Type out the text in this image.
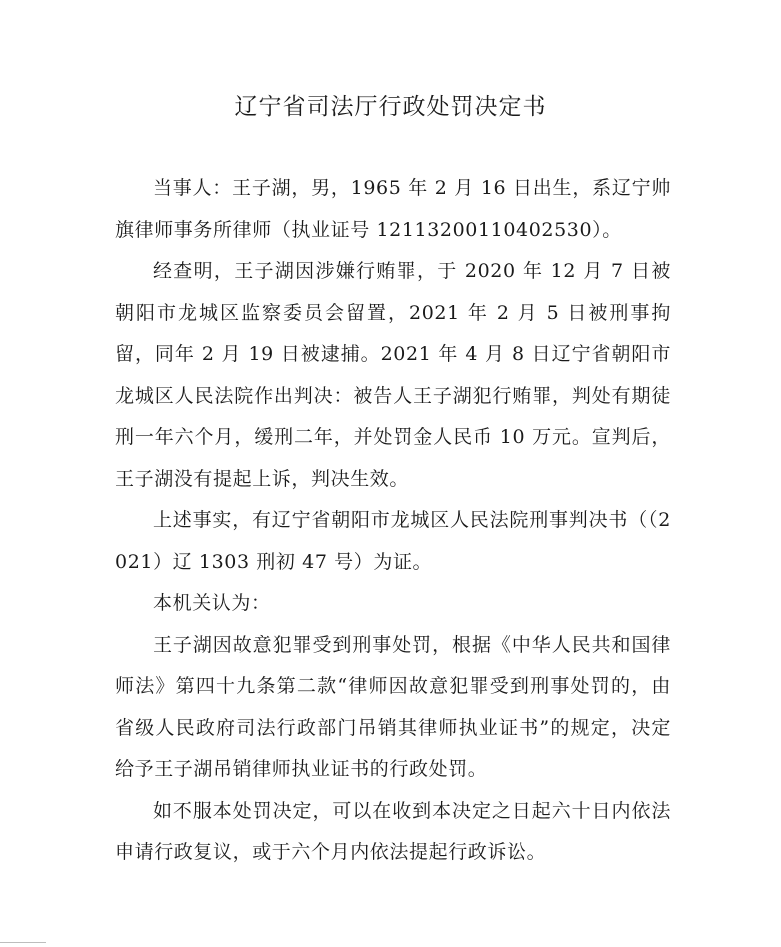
辽宁省司法厅行政处罚决定书

当事人：王子湖，男，1965 年 2 月 16 日出生，系辽宁帅旗律师事务所律师（执业证号 12113200110402530）。

经查明，王子湖因涉嫌行贿罪，于 2020 年 12 月 7 日被朝阳市龙城区监察委员会留置，2021 年 2 月 5 日被刑事拘留，同年 2 月 19 日被逮捕。2021 年 4 月 8 日辽宁省朝阳市龙城区人民法院作出判决：被告人王子湖犯行贿罪，判处有期徒刑一年六个月，缓刑二年，并处罚金人民币 10 万元。宣判后，王子湖没有提起上诉，判决生效。

上述事实，有辽宁省朝阳市龙城区人民法院刑事判决书（（2021）辽 1303 刑初 47 号）为证。

本机关认为：

王子湖因故意犯罪受到刑事处罚，根据《中华人民共和国律师法》第四十九条第二款“律师因故意犯罪受到刑事处罚的，由省级人民政府司法行政部门吊销其律师执业证书”的规定，决定给予王子湖吊销律师执业证书的行政处罚。

如不服本处罚决定，可以在收到本决定之日起六十日内依法申请行政复议，或于六个月内依法提起行政诉讼。
